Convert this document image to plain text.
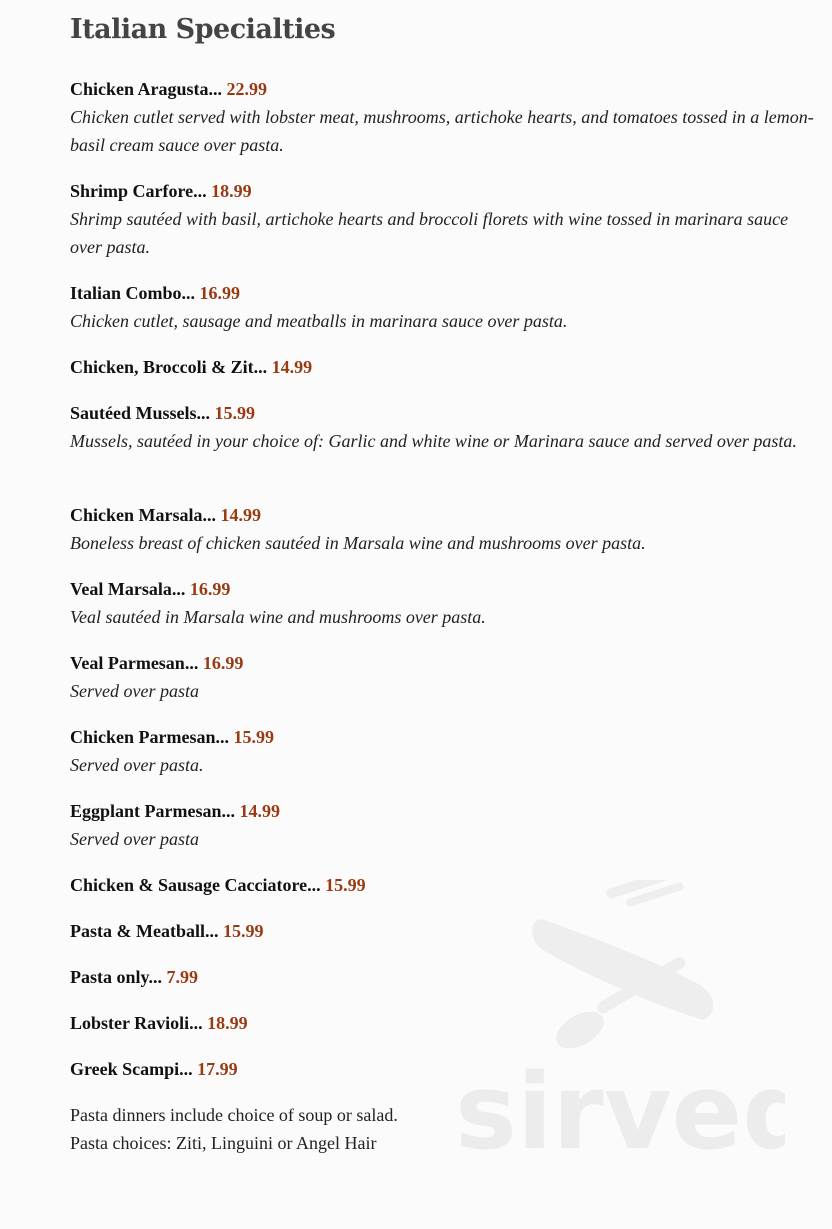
Italian Specialties
Chicken Aragusta... 22.99
Chicken cutlet served with lobster meat, mushrooms, artichoke hearts, and tomatoes tossed in a lemon-basil cream sauce over pasta.
Shrimp Carfore... 18.99
Shrimp sautéed with basil, artichoke hearts and broccoli florets with wine tossed in marinara sauce over pasta.
Italian Combo... 16.99
Chicken cutlet, sausage and meatballs in marinara sauce over pasta.
Chicken, Broccoli & Zit... 14.99
Sautéed Mussels... 15.99
Mussels, sautéed in your choice of: Garlic and white wine or Marinara sauce and served over pasta.
Chicken Marsala... 14.99
Boneless breast of chicken sautéed in Marsala wine and mushrooms over pasta.
Veal Marsala... 16.99
Veal sautéed in Marsala wine and mushrooms over pasta.
Veal Parmesan... 16.99
Served over pasta
Chicken Parmesan... 15.99
Served over pasta.
Eggplant Parmesan... 14.99
Served over pasta
Chicken & Sausage Cacciatore... 15.99
Pasta & Meatball... 15.99
Pasta only... 7.99
Lobster Ravioli... 18.99
Greek Scampi... 17.99
Pasta dinners include choice of soup or salad.
Pasta choices: Ziti, Linguini or Angel Hair sirved
